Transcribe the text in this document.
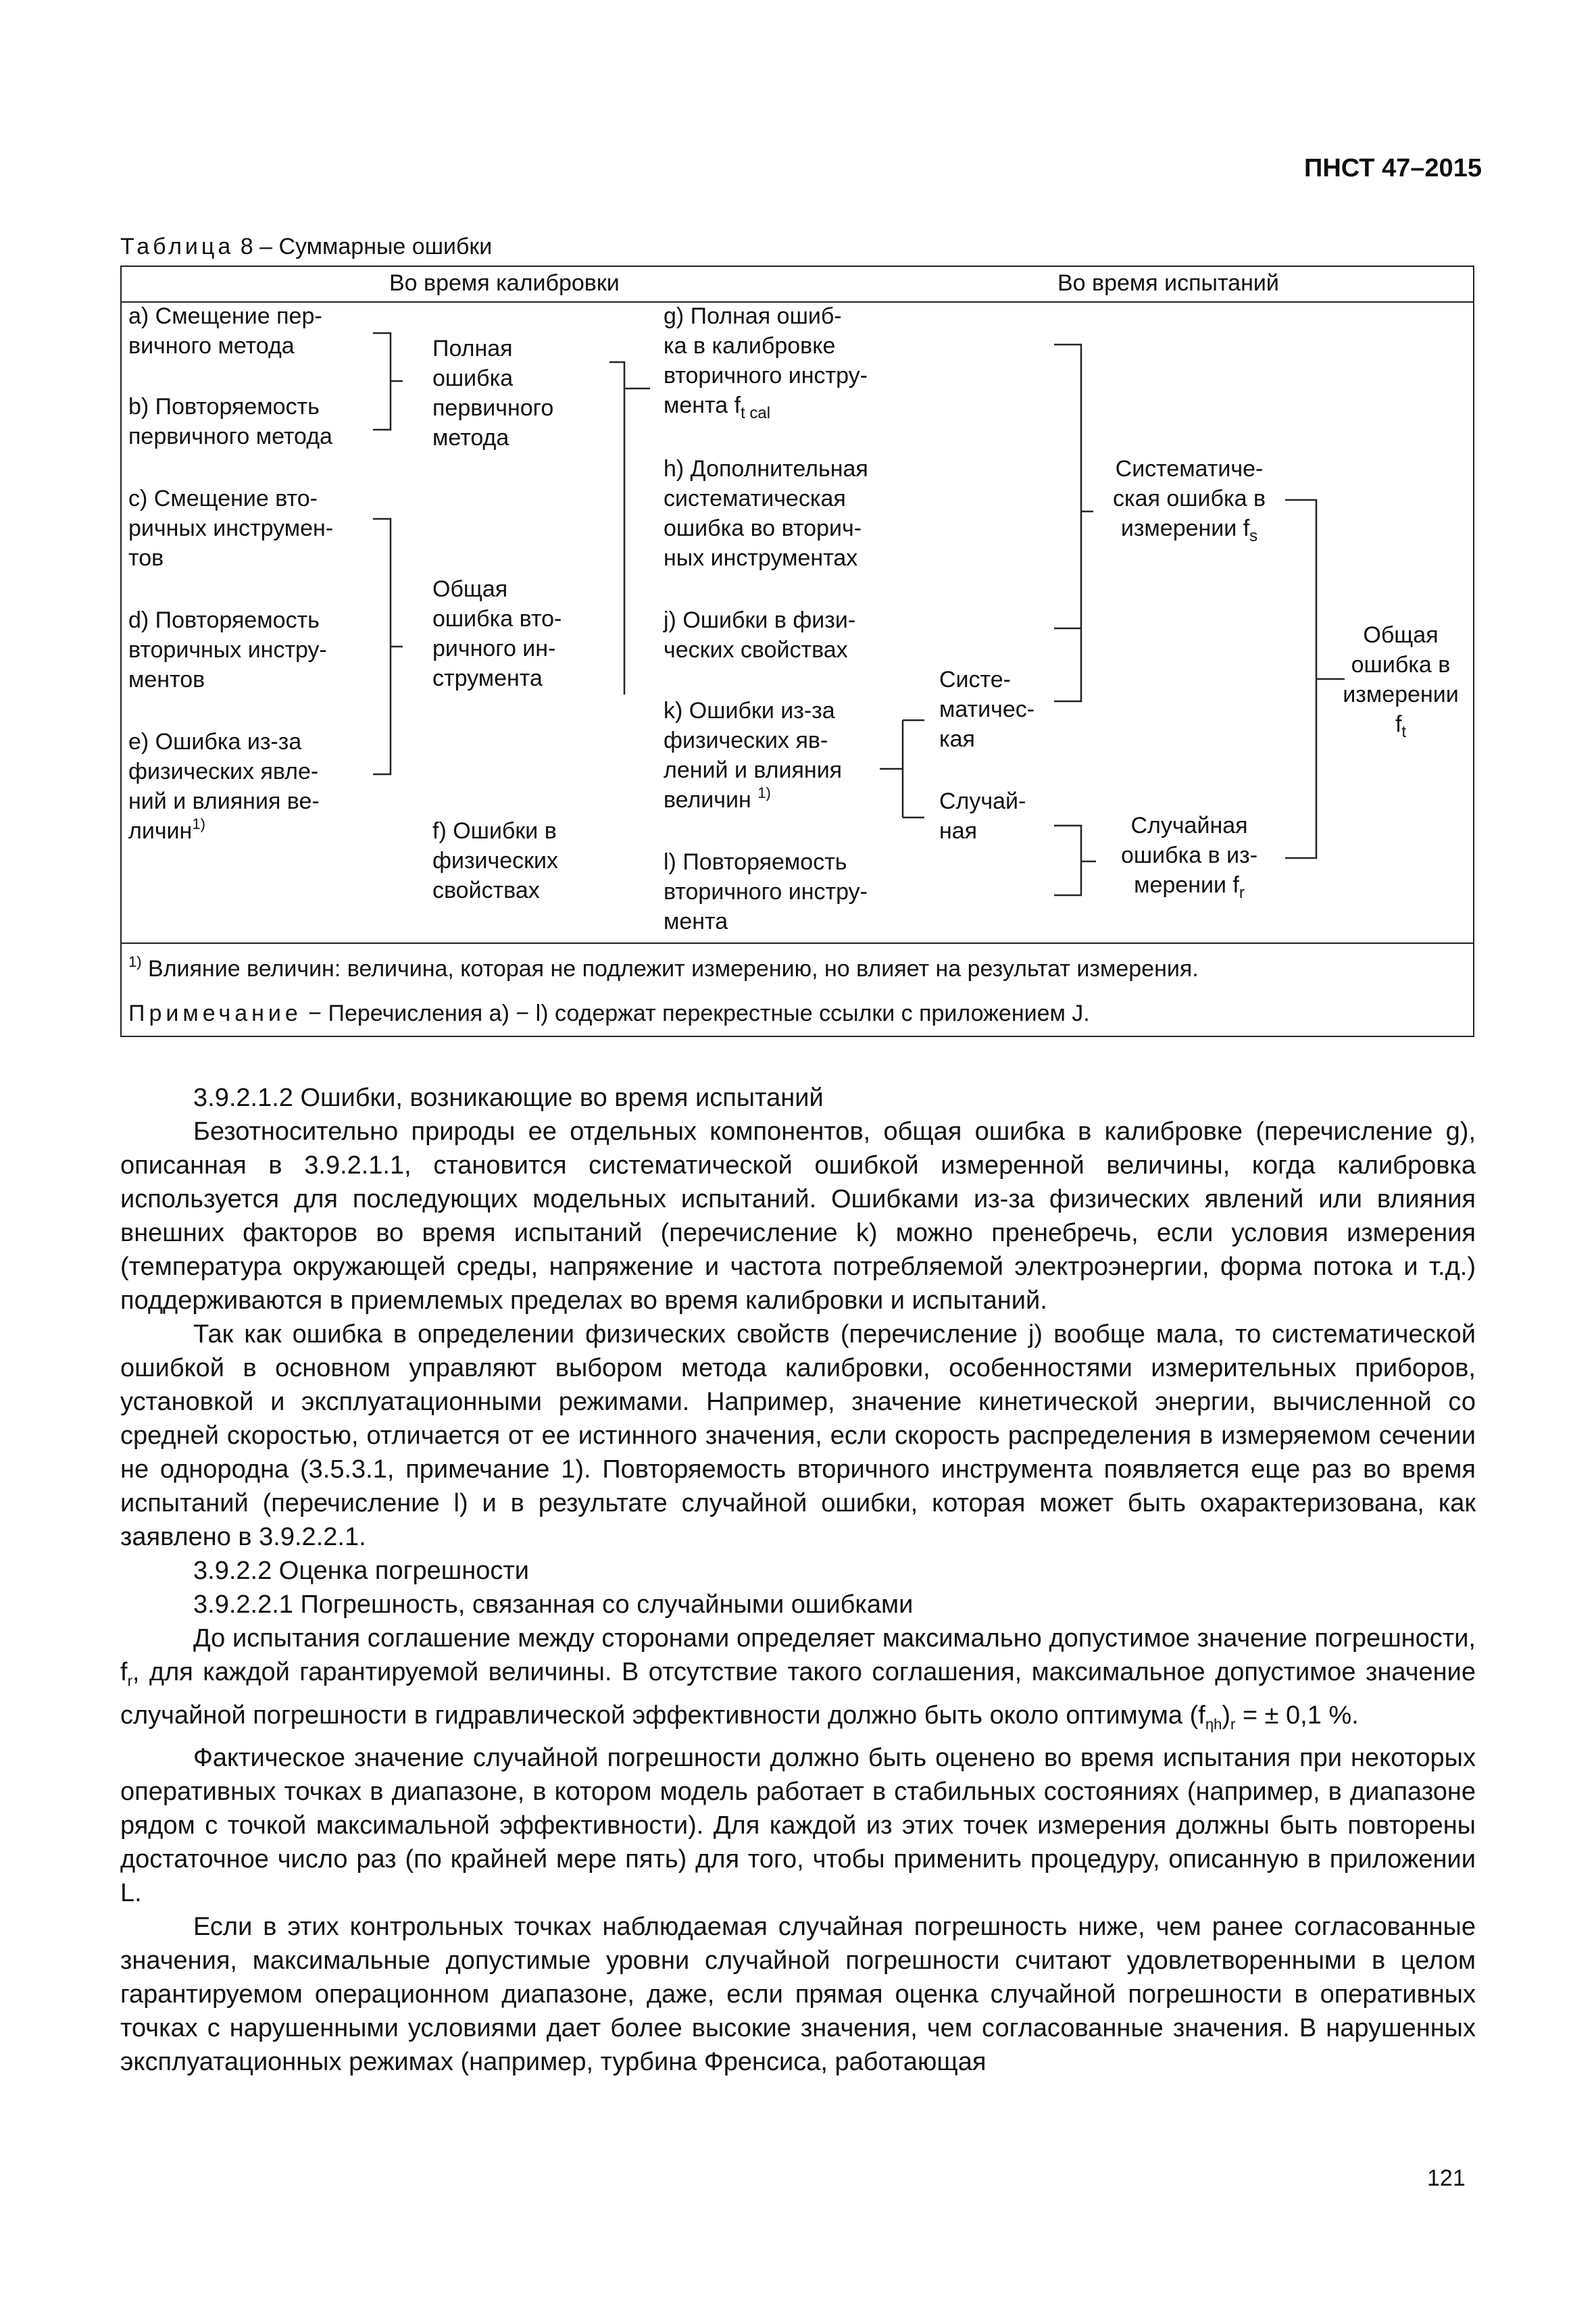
ПНСТ 47–2015
Таблица 8 – Суммарные ошибки
Во время калибровки	Во время испытаний
а) Смещение пер-
вичного метода
b) Повторяемость
первичного метода
c) Смещение вто-
ричных инструмен-
тов
d) Повторяемость
вторичных инстру-
ментов
e) Ошибка из-за
физических явле-
ний и влияния ве-
личин$^{1)}$
Полная
ошибка
первичного
метода
Общая
ошибка вто-
ричного ин-
струмента
f) Ошибки в
физических
свойствах
g) Полная ошиб-
ка в калибровке
вторичного инстру-
мента $f_{t cal}$
h) Дополнительная
систематическая
ошибка во вторич-
ных инструментах
j) Ошибки в физи-
ческих свойствах
k) Ошибки из-за
физических яв-
лений и влияния
величин $^{1)}$
l) Повторяемость
вторичного инстру-
мента
Систе-
матичес-
кая
Случай-
ная
Систематиче-
ская ошибка в
измерении $f_s$
Случайная
ошибка в из-
мерении $f_r$
Общая
ошибка в
измерении
$f_t$
$^{1)}$ Влияние величин: величина, которая не подлежит измерению, но влияет на результат измерения.
Примечание − Перечисления a) − l) содержат перекрестные ссылки с приложением J.

3.9.2.1.2 Ошибки, возникающие во время испытаний

Безотносительно природы ее отдельных компонентов, общая ошибка в калибровке (перечисление g), описанная в 3.9.2.1.1, становится систематической ошибкой измеренной величины, когда калибровка используется для последующих модельных испытаний. Ошибками из-за физических явлений или влияния внешних факторов во время испытаний (перечисление k) можно пренебречь, если условия измерения (температура окружающей среды, напряжение и частота потребляемой электроэнергии, форма потока и т.д.) поддерживаются в приемлемых пределах во время калибровки и испытаний.

Так как ошибка в определении физических свойств (перечисление j) вообще мала, то систематической ошибкой в основном управляют выбором метода калибровки, особенностями измерительных приборов, установкой и эксплуатационными режимами. Например, значение кинетической энергии, вычисленной со средней скоростью, отличается от ее истинного значения, если скорость распределения в измеряемом сечении не однородна (3.5.3.1, примечание 1). Повторяемость вторичного инструмента появляется еще раз во время испытаний (перечисление l) и в результате случайной ошибки, которая может быть охарактеризована, как заявлено в 3.9.2.2.1.

3.9.2.2 Оценка погрешности

3.9.2.2.1 Погрешность, связанная со случайными ошибками

До испытания соглашение между сторонами определяет максимально допустимое значение погрешности, $f_r$, для каждой гарантируемой величины. В отсутствие такого соглашения, максимальное допустимое значение случайной погрешности в гидравлической эффективности должно быть около оптимума $(f_{\eta h})_r$ = ± 0,1 %.

Фактическое значение случайной погрешности должно быть оценено во время испытания при некоторых оперативных точках в диапазоне, в котором модель работает в стабильных состояниях (например, в диапазоне рядом с точкой максимальной эффективности). Для каждой из этих точек измерения должны быть повторены достаточное число раз (по крайней мере пять) для того, чтобы применить процедуру, описанную в приложении L.

Если в этих контрольных точках наблюдаемая случайная погрешность ниже, чем ранее согласованные значения, максимальные допустимые уровни случайной погрешности считают удовлетворенными в целом гарантируемом операционном диапазоне, даже, если прямая оценка случайной погрешности в оперативных точках с нарушенными условиями дает более высокие значения, чем согласованные значения. В нарушенных эксплуатационных режимах (например, турбина Френсиса, работающая

121
